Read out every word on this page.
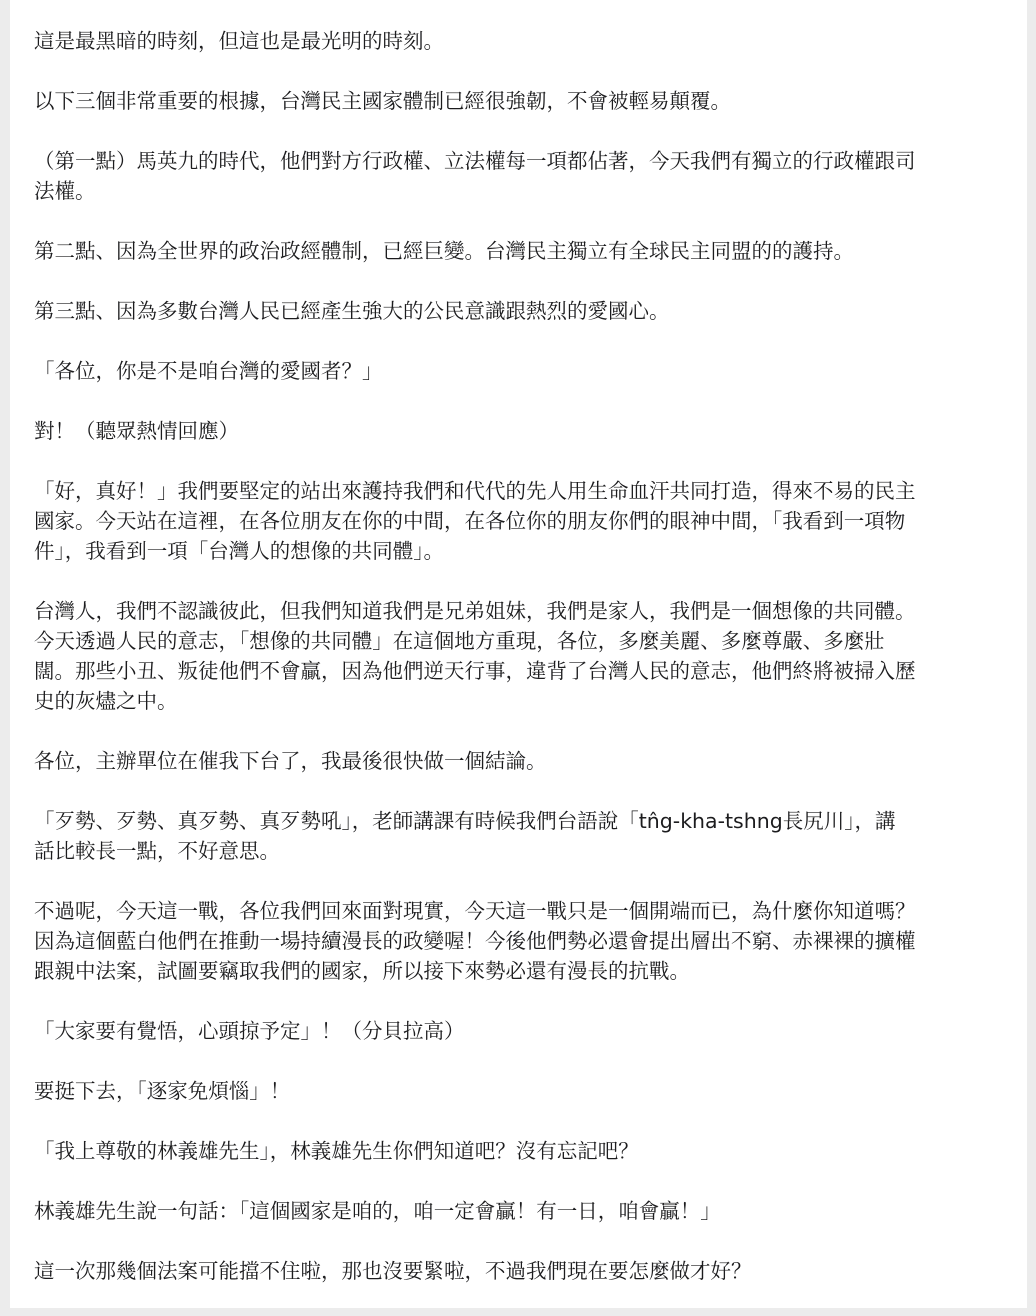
這是最黑暗的時刻，但這也是最光明的時刻。

以下三個非常重要的根據，台灣民主國家體制已經很強韌，不會被輕易顛覆。

（第一點）馬英九的時代，他們對方行政權、立法權每一項都佔著，今天我們有獨立的行政權跟司
法權。

第二點、因為全世界的政治政經體制，已經巨變。台灣民主獨立有全球民主同盟的的護持。

第三點、因為多數台灣人民已經產生強大的公民意識跟熱烈的愛國心。

「各位，你是不是咱台灣的愛國者？」

對！（聽眾熱情回應）

「好，真好！」我們要堅定的站出來護持我們和代代的先人用生命血汗共同打造，得來不易的民主
國家。今天站在這裡，在各位朋友在你的中間，在各位你的朋友你們的眼神中間，「我看到一項物
件」，我看到一項「台灣人的想像的共同體」。

台灣人，我們不認識彼此，但我們知道我們是兄弟姐妹，我們是家人，我們是一個想像的共同體。
今天透過人民的意志，「想像的共同體」在這個地方重現，各位，多麼美麗、多麼尊嚴、多麼壯
闊。那些小丑、叛徒他們不會贏，因為他們逆天行事，違背了台灣人民的意志，他們終將被掃入歷
史的灰燼之中。

各位，主辦單位在催我下台了，我最後很快做一個結論。

「歹勢、歹勢、真歹勢、真歹勢吼」，老師講課有時候我們台語說「tn̂g-kha-tshng長尻川」，講
話比較長一點，不好意思。

不過呢，今天這一戰，各位我們回來面對現實，今天這一戰只是一個開端而已，為什麼你知道嗎？
因為這個藍白他們在推動一場持續漫長的政變喔！今後他們勢必還會提出層出不窮、赤裸裸的擴權
跟親中法案，試圖要竊取我們的國家，所以接下來勢必還有漫長的抗戰。

「大家要有覺悟，心頭掠予定」！（分貝拉高）

要挺下去，「逐家免煩惱」！

「我上尊敬的林義雄先生」，林義雄先生你們知道吧？沒有忘記吧？

林義雄先生說一句話：「這個國家是咱的，咱一定會贏！有一日，咱會贏！」

這一次那幾個法案可能擋不住啦，那也沒要緊啦，不過我們現在要怎麼做才好？
